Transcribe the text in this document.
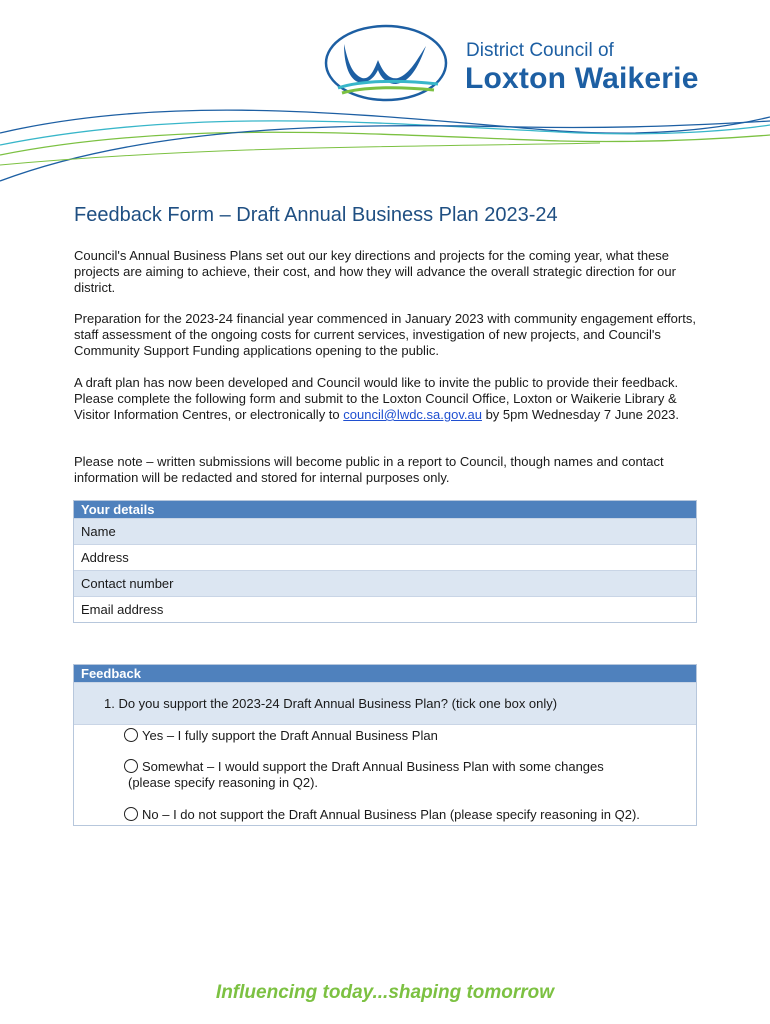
District Council of
Loxton Waikerie
Feedback Form – Draft Annual Business Plan 2023-24

Council's Annual Business Plans set out our key directions and projects for the coming year, what these projects are aiming to achieve, their cost, and how they will advance the overall strategic direction for our district.

Preparation for the 2023-24 financial year commenced in January 2023 with community engagement efforts, staff assessment of the ongoing costs for current services, investigation of new projects, and Council's Community Support Funding applications opening to the public.

A draft plan has now been developed and Council would like to invite the public to provide their feedback. Please complete the following form and submit to the Loxton Council Office, Loxton or Waikerie Library & Visitor Information Centres, or electronically to council@lwdc.sa.gov.au by 5pm Wednesday 7 June 2023.

Please note – written submissions will become public in a report to Council, though names and contact information will be redacted and stored for internal purposes only.

Your details
Name
Address
Contact number
Email address
Feedback
1. Do you support the 2023-24 Draft Annual Business Plan? (tick one box only)
Yes – I fully support the Draft Annual Business Plan
Somewhat – I would support the Draft Annual Business Plan with some changes
(please specify reasoning in Q2).
No – I do not support the Draft Annual Business Plan (please specify reasoning in Q2).
Influencing today...shaping tomorrow
